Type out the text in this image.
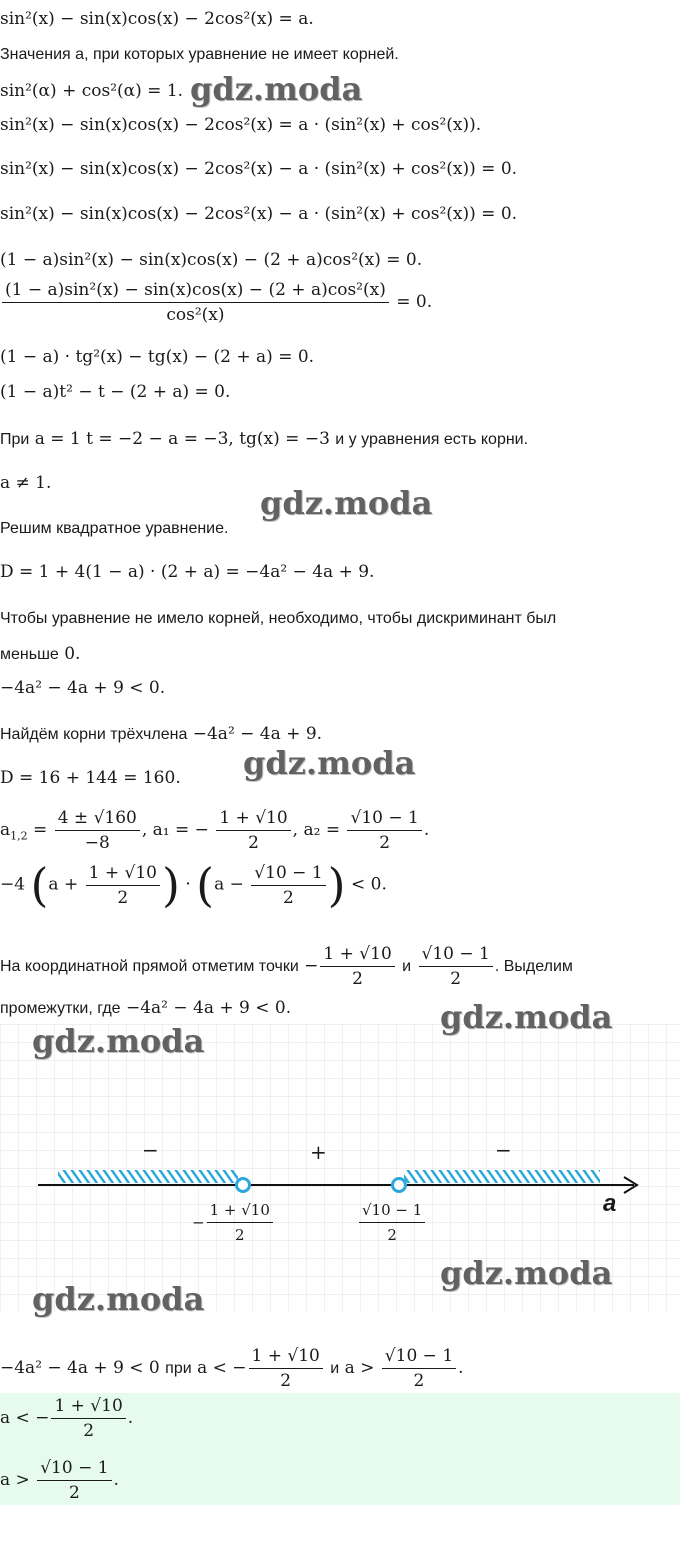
sin²(x) − sin(x)cos(x) − 2cos²(x) = a.
Значения a, при которых уравнение не имеет корней.
sin²(α) + cos²(α) = 1.
sin²(x) − sin(x)cos(x) − 2cos²(x) = a · (sin²(x) + cos²(x)).
sin²(x) − sin(x)cos(x) − 2cos²(x) − a · (sin²(x) + cos²(x)) = 0.
sin²(x) − sin(x)cos(x) − 2cos²(x) − a · (sin²(x) + cos²(x)) = 0.
(1 − a)sin²(x) − sin(x)cos(x) − (2 + a)cos²(x) = 0.
$\frac{\text{(1 − a)sin²(x) − sin(x)cos(x) − (2 + a)cos²(x)}}{\text{cos²(x)}} = 0$.
(1 − a) · tg²(x) − tg(x) − (2 + a) = 0.
(1 − a)t² − t − (2 + a) = 0.
При a = 1 t = −2 − a = −3, tg(x) = −3 и у уравнения есть корни.
a ≠ 1.
Решим квадратное уравнение.
D = 1 + 4(1 − a) · (2 + a) = −4a² − 4a + 9.
Чтобы уравнение не имело корней, необходимо, чтобы дискриминант был
меньше 0.
−4a² − 4a + 9 < 0.
Найдём корни трёхчлена −4a² − 4a + 9.
D = 16 + 144 = 160.
$a_{1,2} = \frac{4 \pm √160}{-8}$ , a₁ = − $\frac{1 + √10}{2}$ , $a_2 = \frac{√10 - 1}{2}$ .
−4 ($a + \frac{1 + √10}{2}$ ) · ($a - \frac{√10 - 1}{2}$ ) < 0.
На координатной прямой отметим точки − $\frac{1 + √10}{2}$ и $\frac{√10 - 1}{2}$ . Выделим
промежутки, где −4a² − 4a + 9 < 0.
−	+	−
a
− $\frac{1 + √10}{2}$	$\frac{√10 - 1}{2}$
−4a² − 4a + 9 < 0 при a < − $\frac{1 + √10}{2}$ и $a > \frac{√10 - 1}{2}$ .
a < − $\frac{1 + √10}{2}$ .
$a > \frac{√10 - 1}{2}$ .
gdz.moda
gdz.moda
gdz.moda
gdz.moda
gdz.moda
gdz.moda
gdz.moda
